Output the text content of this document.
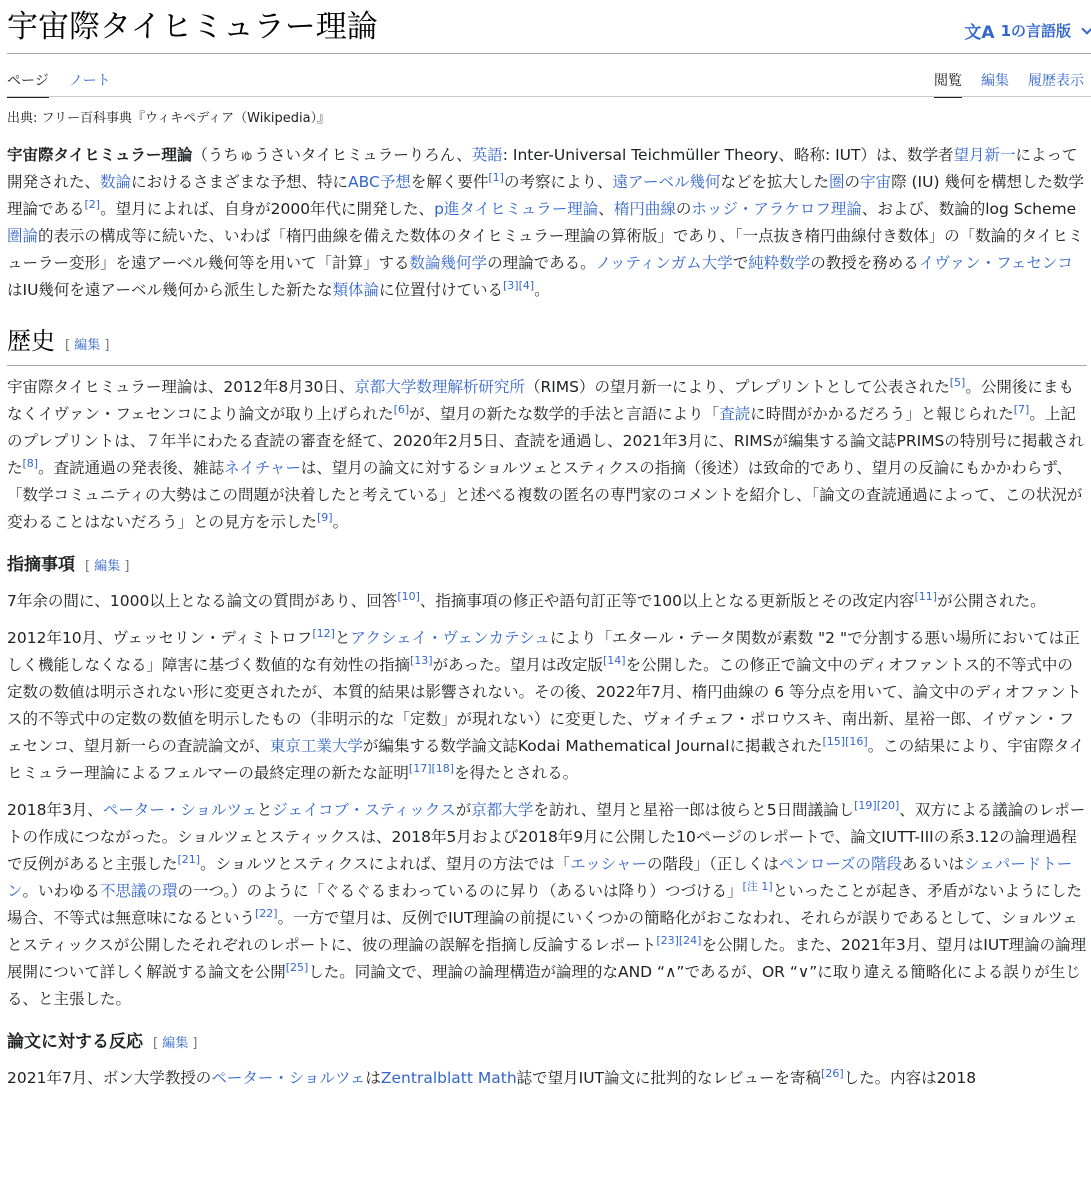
宇宙際タイヒミュラー理論	文A 1の言語版
ページ ノート	閲覧 編集 履歴表示
出典: フリー百科事典『ウィキペディア（Wikipedia）』

宇宙際タイヒミュラー理論（うちゅうさいタイヒミュラーりろん、英語: Inter-Universal Teichmüller Theory、略称: IUT）は、数学者望月新一によって開発された、数論におけるさまざまな予想、特にABC予想を解く要件[1]の考察により、遠アーベル幾何などを拡大した圏の宇宙際 (IU) 幾何を構想した数学理論である[2]。望月によれば、自身が2000年代に開発した、p進タイヒミュラー理論、楕円曲線のホッジ・アラケロフ理論、および、数論的log Scheme圏論的表示の構成等に続いた、いわば「楕円曲線を備えた数体のタイヒミュラー理論の算術版」であり、「一点抜き楕円曲線付き数体」の「数論的タイヒミューラー変形」を遠アーベル幾何等を用いて「計算」する数論幾何学の理論である。ノッティンガム大学で純粋数学の教授を務めるイヴァン・フェセンコはIU幾何を遠アーベル幾何から派生した新たな類体論に位置付けている[3][4]。

歴史 [ 編集 ]

宇宙際タイヒミュラー理論は、2012年8月30日、京都大学数理解析研究所（RIMS）の望月新一により、プレプリントとして公表された[5]。公開後にまもなくイヴァン・フェセンコにより論文が取り上げられた[6]が、望月の新たな数学的手法と言語により「査読に時間がかかるだろう」と報じられた[7]。上記のプレプリントは、７年半にわたる査読の審査を経て、2020年2月5日、査読を通過し、2021年3月に、RIMSが編集する論文誌PRIMSの特別号に掲載された[8]。査読通過の発表後、雑誌ネイチャーは、望月の論文に対するショルツェとスティクスの指摘（後述）は致命的であり、望月の反論にもかかわらず、「数学コミュニティの大勢はこの問題が決着したと考えている」と述べる複数の匿名の専門家のコメントを紹介し、「論文の査読通過によって、この状況が変わることはないだろう」との見方を示した[9]。

指摘事項 [ 編集 ]

7年余の間に、1000以上となる論文の質問があり、回答[10]、指摘事項の修正や語句訂正等で100以上となる更新版とその改定内容[11]が公開された。

2012年10月、ヴェッセリン・ディミトロフ[12]とアクシェイ・ヴェンカテシュにより「エタール・テータ関数が素数 "2 "で分割する悪い場所においては正しく機能しなくなる」障害に基づく数値的な有効性の指摘[13]があった。望月は改定版[14]を公開した。この修正で論文中のディオファントス的不等式中の定数の数値は明示されない形に変更されたが、本質的結果は影響されない。その後、2022年7月、楕円曲線の 6 等分点を用いて、論文中のディオファントス的不等式中の定数の数値を明示したもの（非明示的な「定数」が現れない）に変更した、ヴォイチェフ・ポロウスキ、南出新、星裕一郎、イヴァン・フェセンコ、望月新一らの査読論文が、東京工業大学が編集する数学論文誌Kodai Mathematical Journalに掲載された[15][16]。この結果により、宇宙際タイヒミュラー理論によるフェルマーの最終定理の新たな証明[17][18]を得たとされる。

2018年3月、ペーター・ショルツェとジェイコブ・スティックスが京都大学を訪れ、望月と星裕一郎は彼らと5日間議論し[19][20]、双方による議論のレポートの作成につながった。ショルツェとスティックスは、2018年5月および2018年9月に公開した10ページのレポートで、論文IUTT-IIIの系3.12の論理過程で反例があると主張した[21]。ショルツとスティクスによれば、望月の方法では「エッシャーの階段」（正しくはペンローズの階段あるいはシェパードトーン。いわゆる不思議の環の一つ。）のように「ぐるぐるまわっているのに昇り（あるいは降り）つづける」[注 1]といったことが起き、矛盾がないようにした場合、不等式は無意味になるという[22]。一方で望月は、反例でIUT理論の前提にいくつかの簡略化がおこなわれ、それらが誤りであるとして、ショルツェとスティックスが公開したそれぞれのレポートに、彼の理論の誤解を指摘し反論するレポート[23][24]を公開した。また、2021年3月、望月はIUT理論の論理展開について詳しく解説する論文を公開[25]した。同論文で、理論の論理構造が論理的なAND “∧”であるが、OR “∨”に取り違える簡略化による誤りが生じる、と主張した。

論文に対する反応 [ 編集 ]

2021年7月、ボン大学教授のペーター・ショルツェはZentralblatt Math誌で望月IUT論文に批判的なレビューを寄稿[26]した。内容は2018
